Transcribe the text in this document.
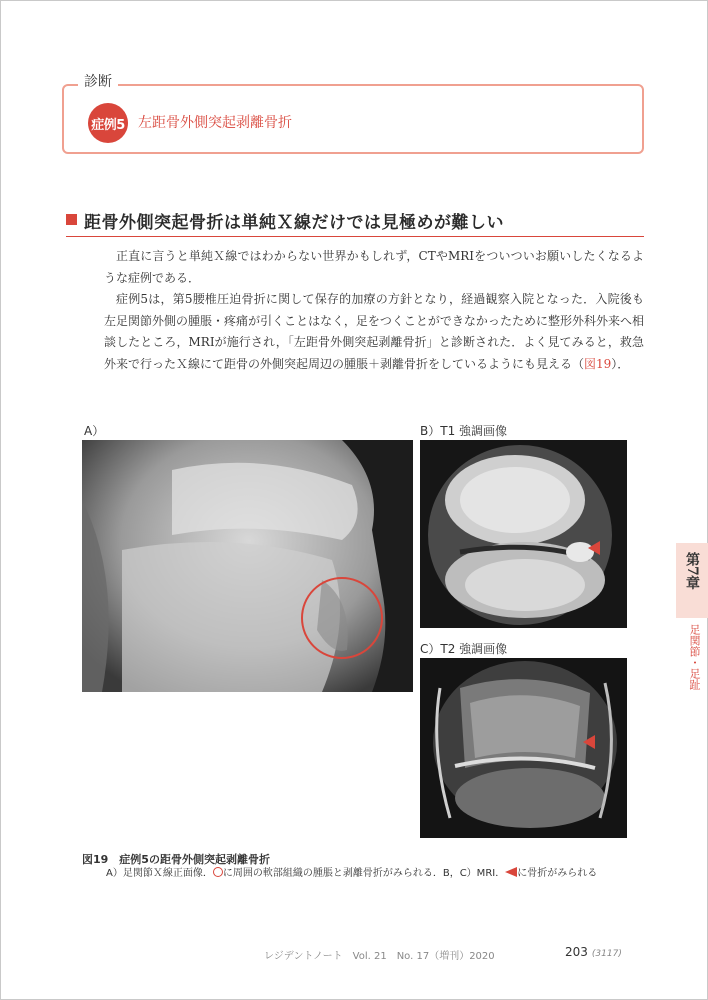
診断
症例5 左距骨外側突起剥離骨折
距骨外側突起骨折は単純Ｘ線だけでは見極めが難しい

正直に言うと単純Ｘ線ではわからない世界かもしれず，CTやMRIをついついお願いしたくなるような症例である．

症例5は，第5腰椎圧迫骨折に関して保存的加療の方針となり，経過観察入院となった．入院後も左足関節外側の腫脹・疼痛が引くことはなく，足をつくことができなかったために整形外科外来へ相談したところ，MRIが施行され，「左距骨外側突起剥離骨折」と診断された．よく見てみると，救急外来で行ったＸ線にて距骨の外側突起周辺の腫脹＋剥離骨折をしているようにも見える（図19）．

A）	B）T1 強調画像
C）T2 強調画像
図19　症例5の距骨外側突起剥離骨折
A）足関節Ｘ線正面像． に周囲の軟部組織の腫脹と剥離骨折がみられる．B，C）MRI． に骨折がみられる
第7章
足関節・足趾
レジデントノート　Vol. 21　No. 17（増刊）2020	203 (3117)
